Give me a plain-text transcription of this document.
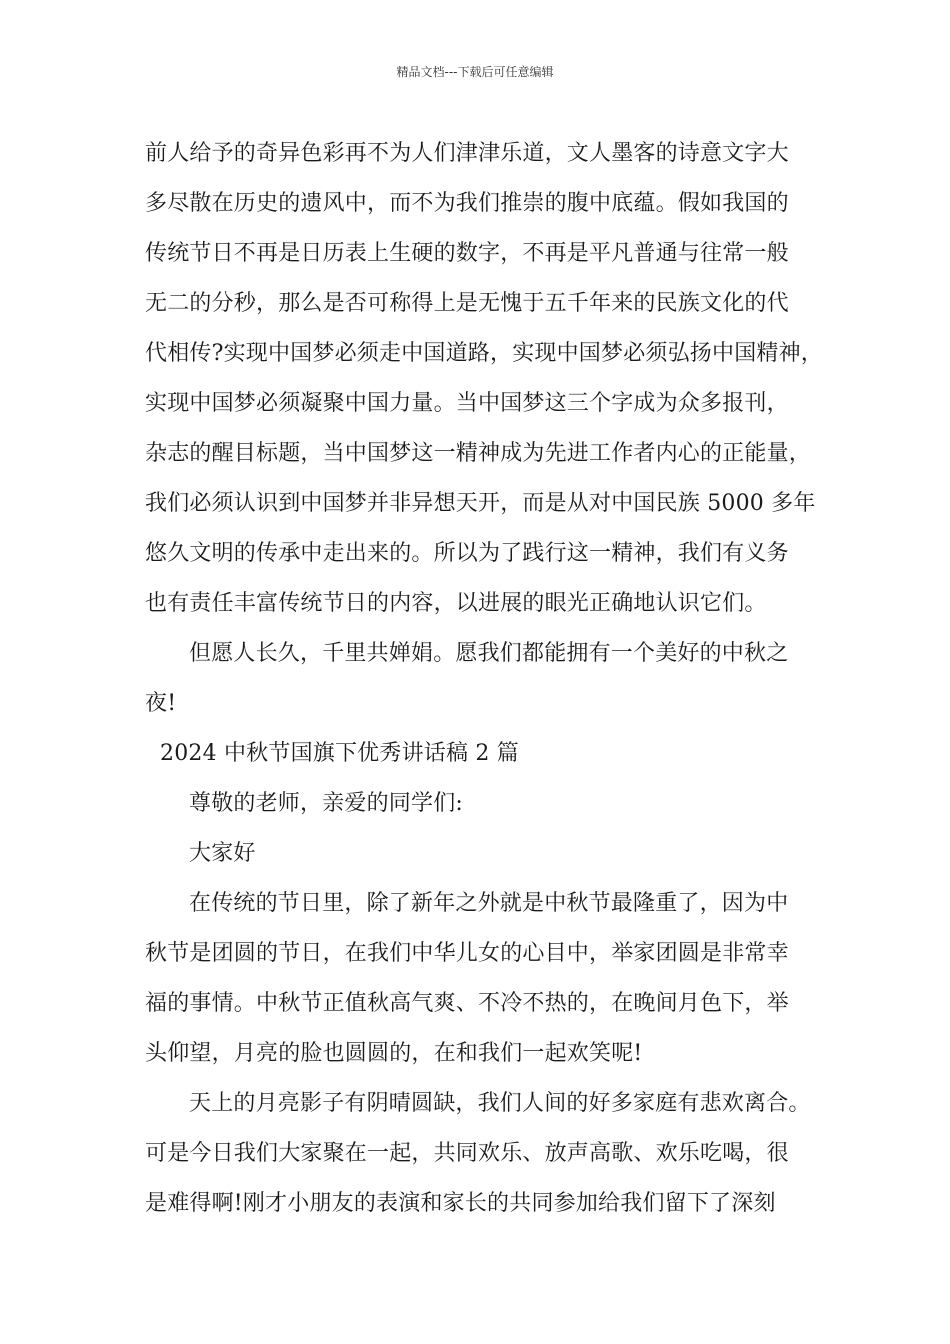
精品文档---下载后可任意编辑
前人给予的奇异色彩再不为人们津津乐道，文人墨客的诗意文字大
多尽散在历史的遗风中，而不为我们推崇的腹中底蕴。假如我国的
传统节日不再是日历表上生硬的数字，不再是平凡普通与往常一般
无二的分秒，那么是否可称得上是无愧于五千年来的民族文化的代
代相传?实现中国梦必须走中国道路，实现中国梦必须弘扬中国精神，
实现中国梦必须凝聚中国力量。当中国梦这三个字成为众多报刊，
杂志的醒目标题，当中国梦这一精神成为先进工作者内心的正能量，
我们必须认识到中国梦并非异想天开，而是从对中国民族 5000 多年
悠久文明的传承中走出来的。所以为了践行这一精神，我们有义务
也有责任丰富传统节日的内容，以进展的眼光正确地认识它们。
但愿人长久，千里共婵娟。愿我们都能拥有一个美好的中秋之
夜!
2024 中秋节国旗下优秀讲话稿 2 篇
尊敬的老师，亲爱的同学们:
大家好
在传统的节日里，除了新年之外就是中秋节最隆重了，因为中
秋节是团圆的节日，在我们中华儿女的心目中，举家团圆是非常幸
福的事情。中秋节正值秋高气爽、不冷不热的，在晚间月色下，举
头仰望，月亮的脸也圆圆的，在和我们一起欢笑呢!
天上的月亮影子有阴晴圆缺，我们人间的好多家庭有悲欢离合。
可是今日我们大家聚在一起，共同欢乐、放声高歌、欢乐吃喝，很
是难得啊!刚才小朋友的表演和家长的共同参加给我们留下了深刻
